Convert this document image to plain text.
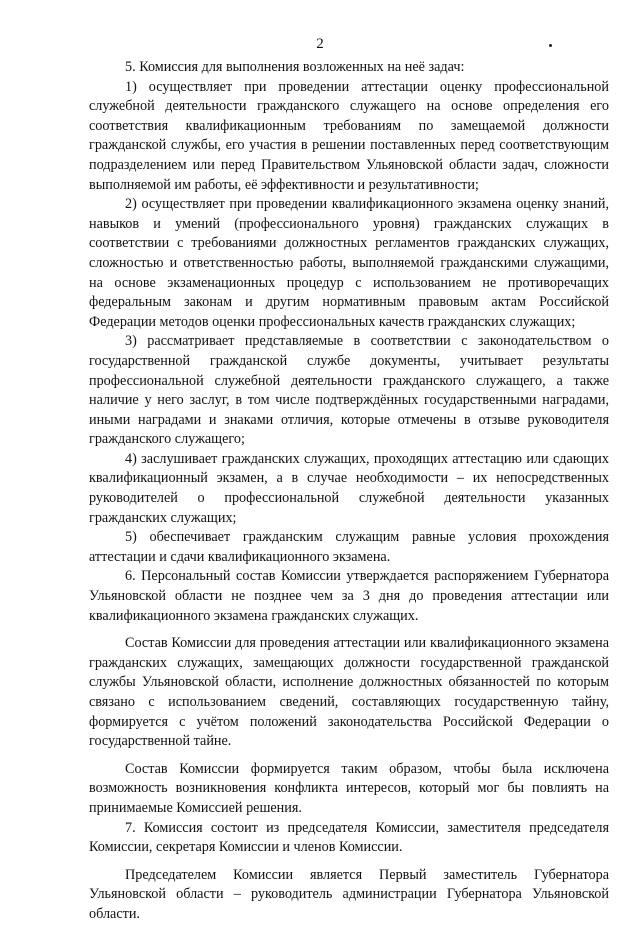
2

5. Комиссия для выполнения возложенных на неё задач:

1) осуществляет при проведении аттестации оценку профессиональной служебной деятельности гражданского служащего на основе определения его соответствия квалификационным требованиям по замещаемой должности гражданской службы, его участия в решении поставленных перед соответствующим подразделением или перед Правительством Ульяновской области задач, сложности выполняемой им работы, её эффективности и результативности;

2) осуществляет при проведении квалификационного экзамена оценку знаний, навыков и умений (профессионального уровня) гражданских служащих в соответствии с требованиями должностных регламентов гражданских служащих, сложностью и ответственностью работы, выполняемой гражданскими служащими, на основе экзаменационных процедур с использованием не противоречащих федеральным законам и другим нормативным правовым актам Российской Федерации методов оценки профессиональных качеств гражданских служащих;

3) рассматривает представляемые в соответствии с законодательством о государственной гражданской службе документы, учитывает результаты профессиональной служебной деятельности гражданского служащего, а также наличие у него заслуг, в том числе подтверждённых государственными наградами, иными наградами и знаками отличия, которые отмечены в отзыве руководителя гражданского служащего;

4) заслушивает гражданских служащих, проходящих аттестацию или сдающих квалификационный экзамен, а в случае необходимости – их непосредственных руководителей о профессиональной служебной деятельности указанных гражданских служащих;

5) обеспечивает гражданским служащим равные условия прохождения аттестации и сдачи квалификационного экзамена.

6. Персональный состав Комиссии утверждается распоряжением Губернатора Ульяновской области не позднее чем за 3 дня до проведения аттестации или квалификационного экзамена гражданских служащих.

Состав Комиссии для проведения аттестации или квалификационного экзамена гражданских служащих, замещающих должности государственной гражданской службы Ульяновской области, исполнение должностных обязанностей по которым связано с использованием сведений, составляющих государственную тайну, формируется с учётом положений законодательства Российской Федерации о государственной тайне.

Состав Комиссии формируется таким образом, чтобы была исключена возможность возникновения конфликта интересов, который мог бы повлиять на принимаемые Комиссией решения.

7. Комиссия состоит из председателя Комиссии, заместителя председателя Комиссии, секретаря Комиссии и членов Комиссии.

Председателем Комиссии является Первый заместитель Губернатора Ульяновской области – руководитель администрации Губернатора Ульяновской области.
